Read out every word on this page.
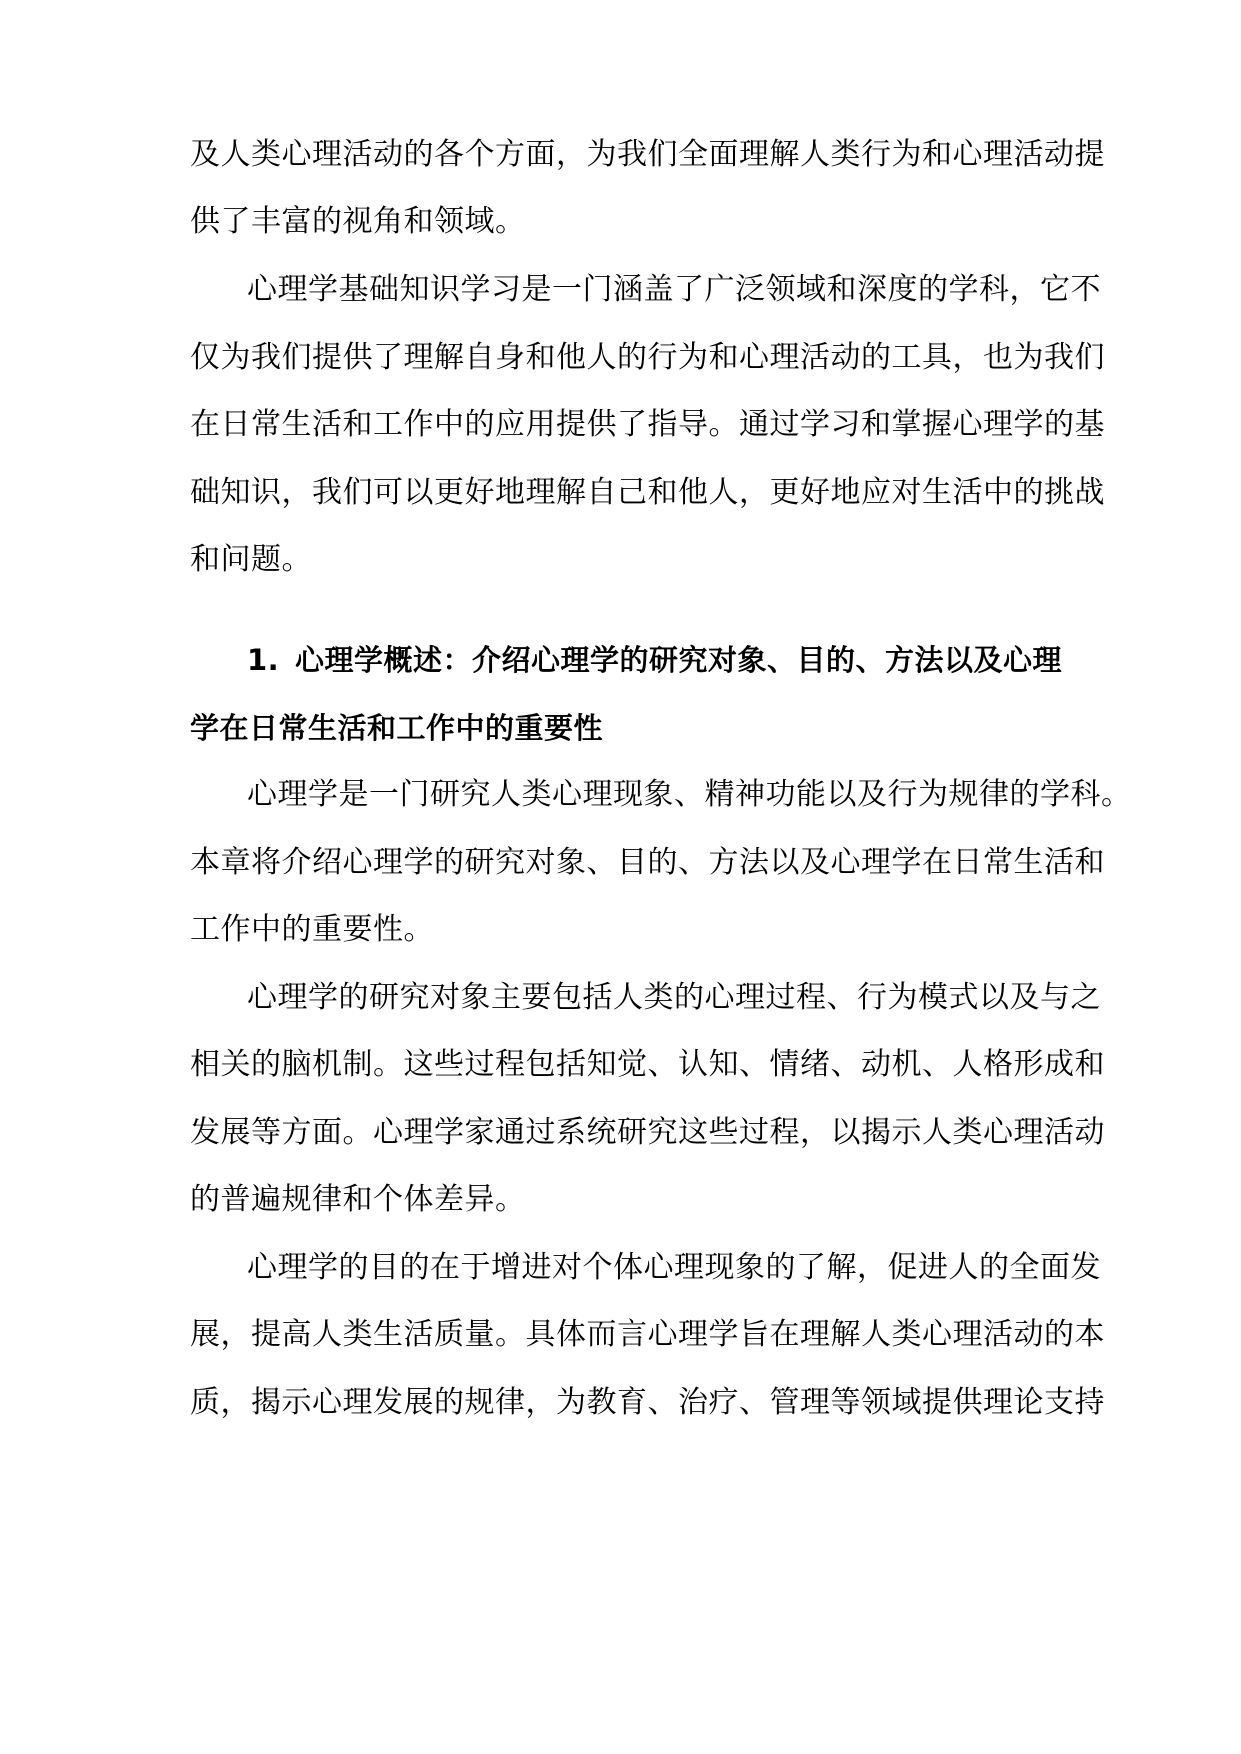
及人类心理活动的各个方面，为我们全面理解人类行为和心理活动提
供了丰富的视角和领域。
心理学基础知识学习是一门涵盖了广泛领域和深度的学科，它不
仅为我们提供了理解自身和他人的行为和心理活动的工具，也为我们
在日常生活和工作中的应用提供了指导。通过学习和掌握心理学的基
础知识，我们可以更好地理解自己和他人，更好地应对生活中的挑战
和问题。
1. 心理学概述：介绍心理学的研究对象、目的、方法以及心理
学在日常生活和工作中的重要性
心理学是一门研究人类心理现象、精神功能以及行为规律的学科。
本章将介绍心理学的研究对象、目的、方法以及心理学在日常生活和
工作中的重要性。
心理学的研究对象主要包括人类的心理过程、行为模式以及与之
相关的脑机制。这些过程包括知觉、认知、情绪、动机、人格形成和
发展等方面。心理学家通过系统研究这些过程，以揭示人类心理活动
的普遍规律和个体差异。
心理学的目的在于增进对个体心理现象的了解，促进人的全面发
展，提高人类生活质量。具体而言心理学旨在理解人类心理活动的本
质，揭示心理发展的规律，为教育、治疗、管理等领域提供理论支持
